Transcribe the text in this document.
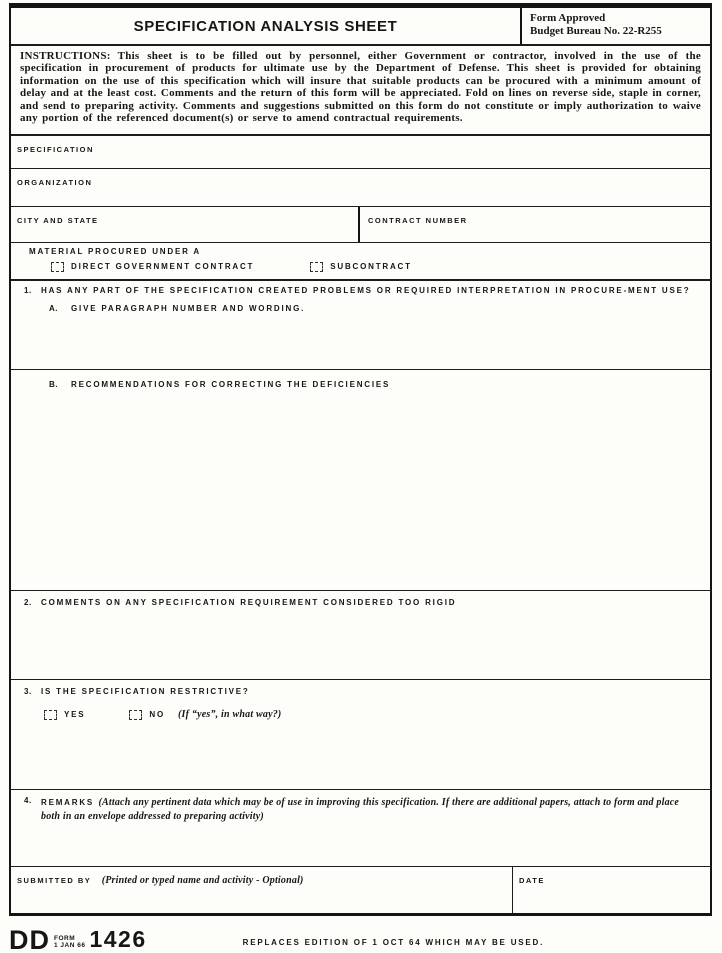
SPECIFICATION ANALYSIS SHEET	Form Approved
Budget Bureau No. 22-R255
INSTRUCTIONS: This sheet is to be filled out by personnel, either Government or contractor, involved in the use of the specification in procurement of products for ultimate use by the Department of Defense. This sheet is provided for obtaining information on the use of this specification which will insure that suitable products can be procured with a minimum amount of delay and at the least cost. Comments and the return of this form will be appreciated. Fold on lines on reverse side, staple in corner, and send to preparing activity. Comments and suggestions submitted on this form do not constitute or imply authorization to waive any portion of the referenced document(s) or serve to amend contractual requirements.
SPECIFICATION
ORGANIZATION
CITY AND STATE	CONTRACT NUMBER
MATERIAL PROCURED UNDER A
DIRECT GOVERNMENT CONTRACT	SUBCONTRACT
1. HAS ANY PART OF THE SPECIFICATION CREATED PROBLEMS OR REQUIRED INTERPRETATION IN PROCURE-MENT USE?
A. GIVE PARAGRAPH NUMBER AND WORDING.
B. RECOMMENDATIONS FOR CORRECTING THE DEFICIENCIES
2. COMMENTS ON ANY SPECIFICATION REQUIREMENT CONSIDERED TOO RIGID
3. IS THE SPECIFICATION RESTRICTIVE?
YES	NO (If “yes”, in what way?)
4. REMARKS (Attach any pertinent data which may be of use in improving this specification. If there are additional papers, attach to form and place both in an envelope addressed to preparing activity)
SUBMITTED BY (Printed or typed name and activity - Optional)	DATE
DD FORM
1 JAN 66 1426	REPLACES EDITION OF 1 OCT 64 WHICH MAY BE USED.
